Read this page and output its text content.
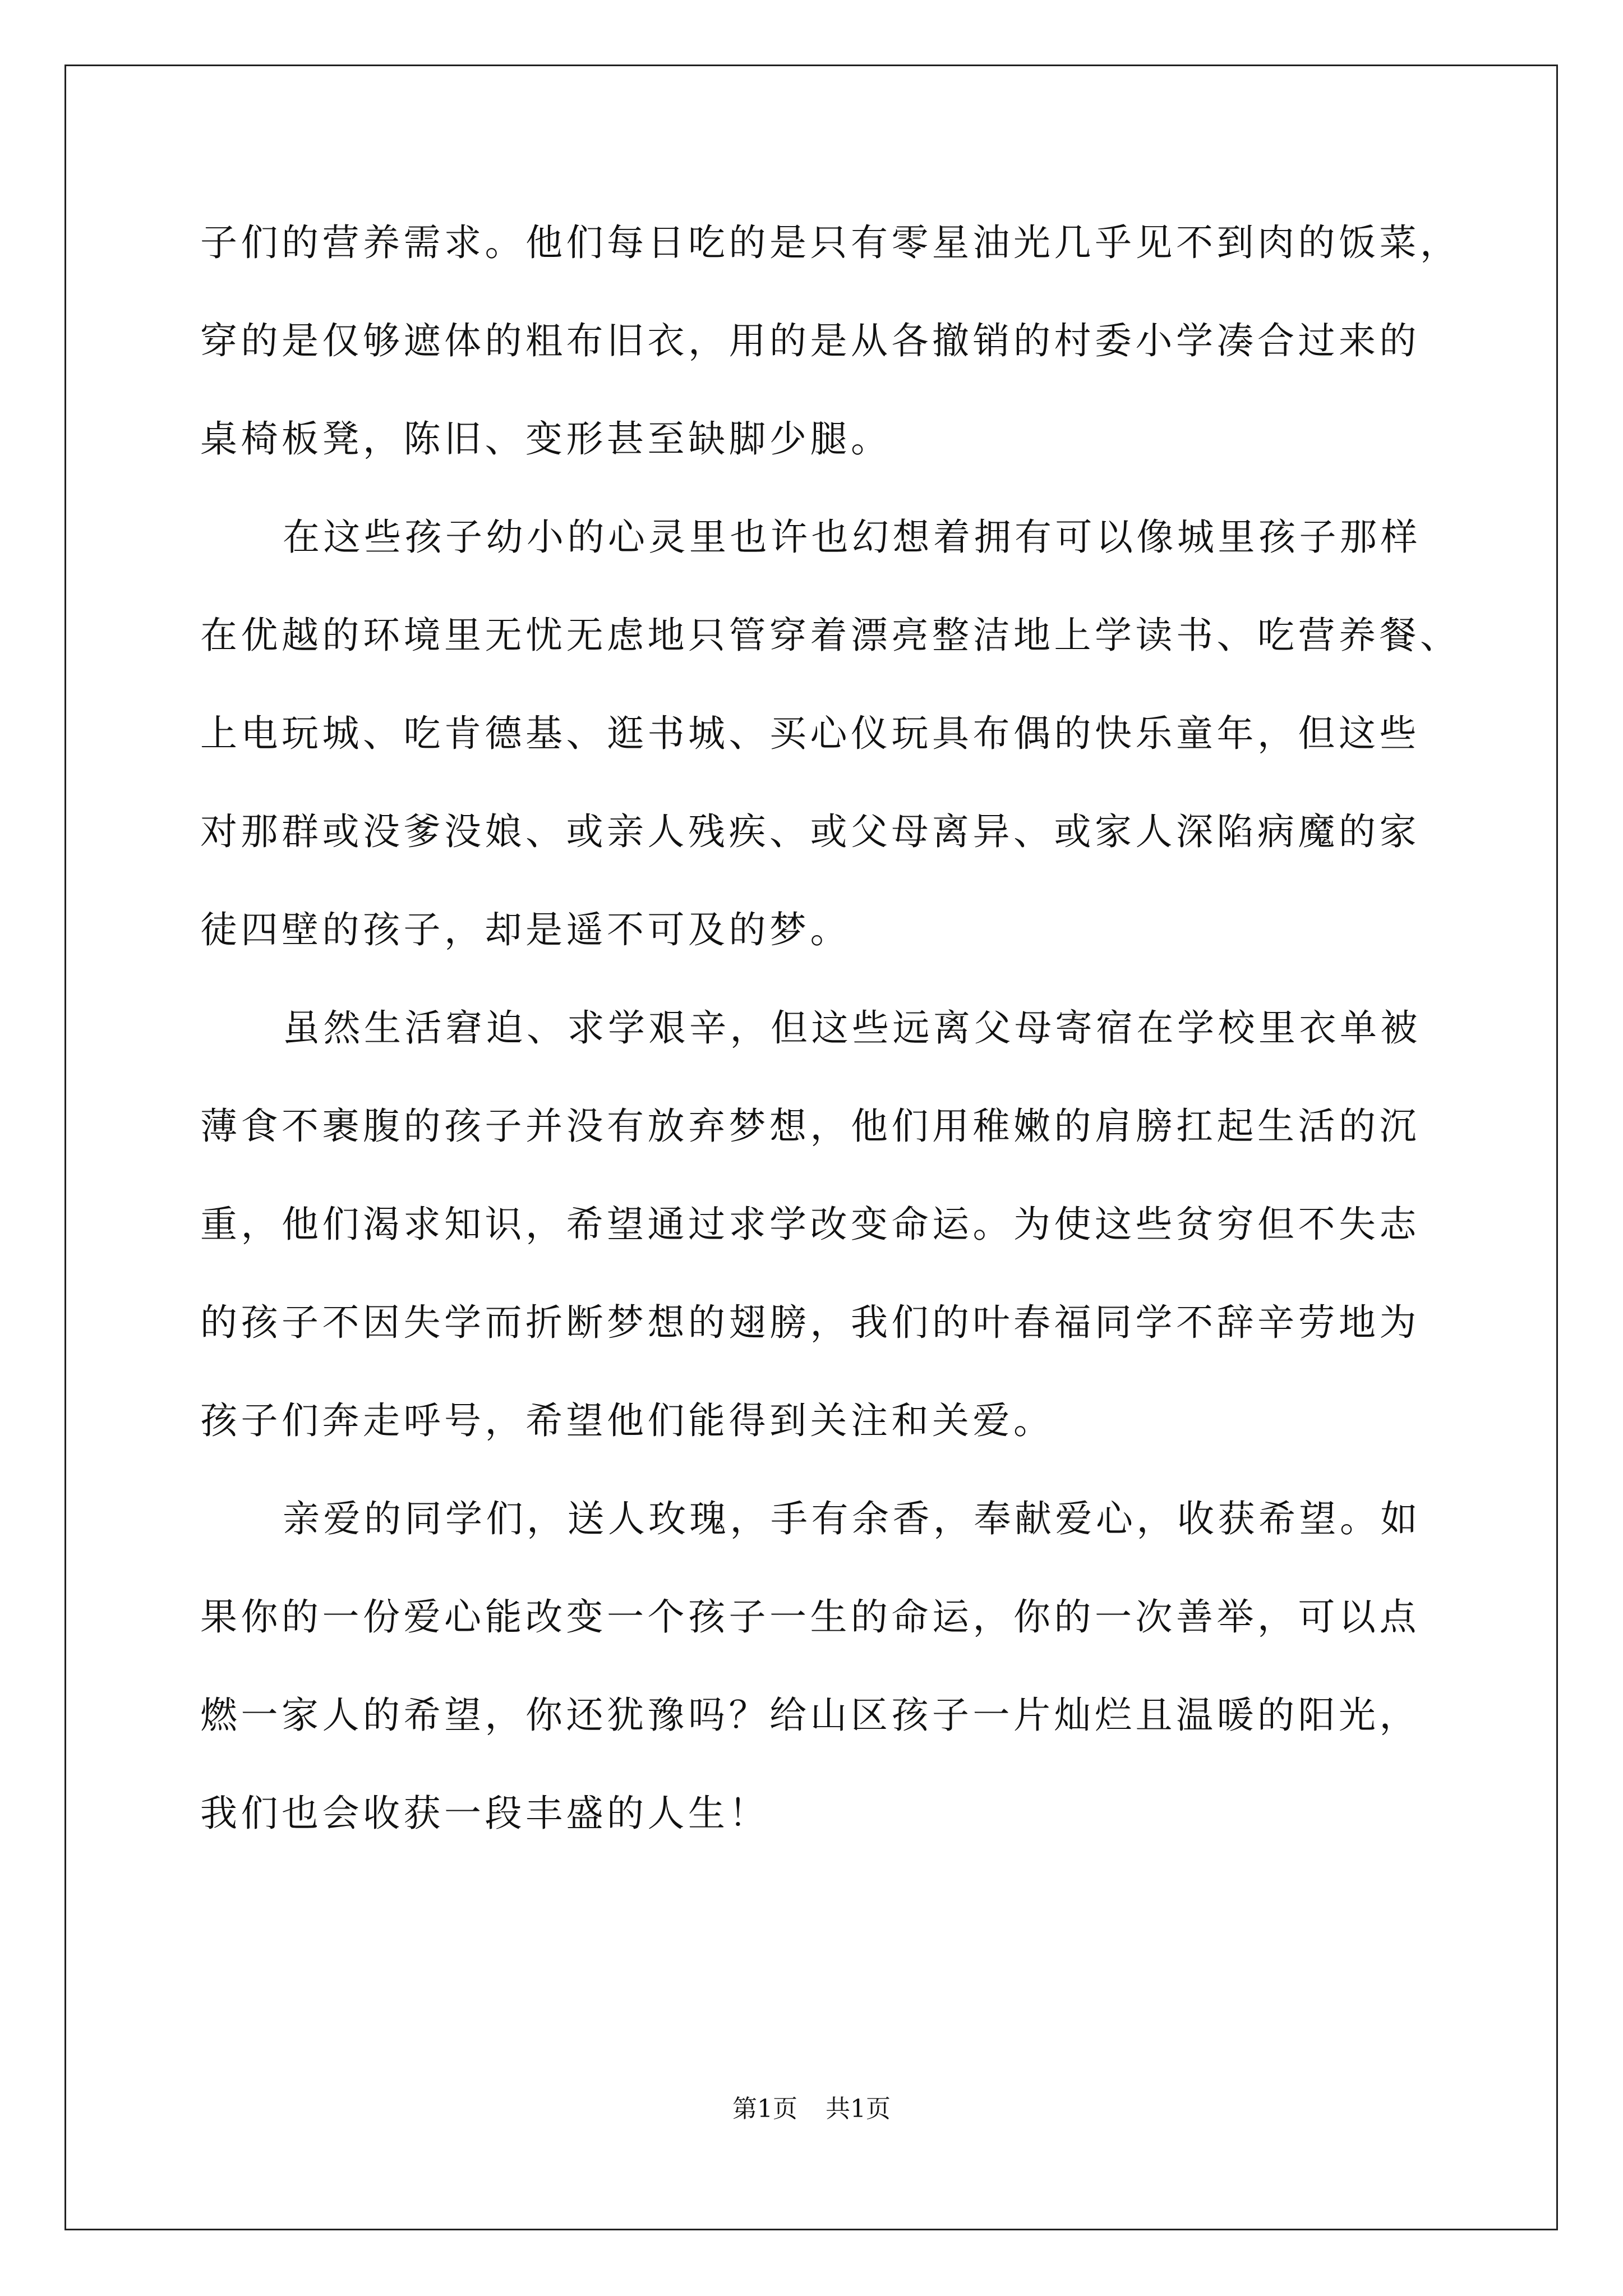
子们的营养需求。他们每日吃的是只有零星油光几乎见不到肉的饭菜，
穿的是仅够遮体的粗布旧衣，用的是从各撤销的村委小学凑合过来的
桌椅板凳，陈旧、变形甚至缺脚少腿。
在这些孩子幼小的心灵里也许也幻想着拥有可以像城里孩子那样
在优越的环境里无忧无虑地只管穿着漂亮整洁地上学读书、吃营养餐、
上电玩城、吃肯德基、逛书城、买心仪玩具布偶的快乐童年，但这些
对那群或没爹没娘、或亲人残疾、或父母离异、或家人深陷病魔的家
徒四壁的孩子，却是遥不可及的梦。
虽然生活窘迫、求学艰辛，但这些远离父母寄宿在学校里衣单被
薄食不裹腹的孩子并没有放弃梦想，他们用稚嫩的肩膀扛起生活的沉
重，他们渴求知识，希望通过求学改变命运。为使这些贫穷但不失志
的孩子不因失学而折断梦想的翅膀，我们的叶春福同学不辞辛劳地为
孩子们奔走呼号，希望他们能得到关注和关爱。
亲爱的同学们，送人玫瑰，手有余香，奉献爱心，收获希望。如
果你的一份爱心能改变一个孩子一生的命运，你的一次善举，可以点
燃一家人的希望，你还犹豫吗？给山区孩子一片灿烂且温暖的阳光，
我们也会收获一段丰盛的人生！
第1页 共1页
